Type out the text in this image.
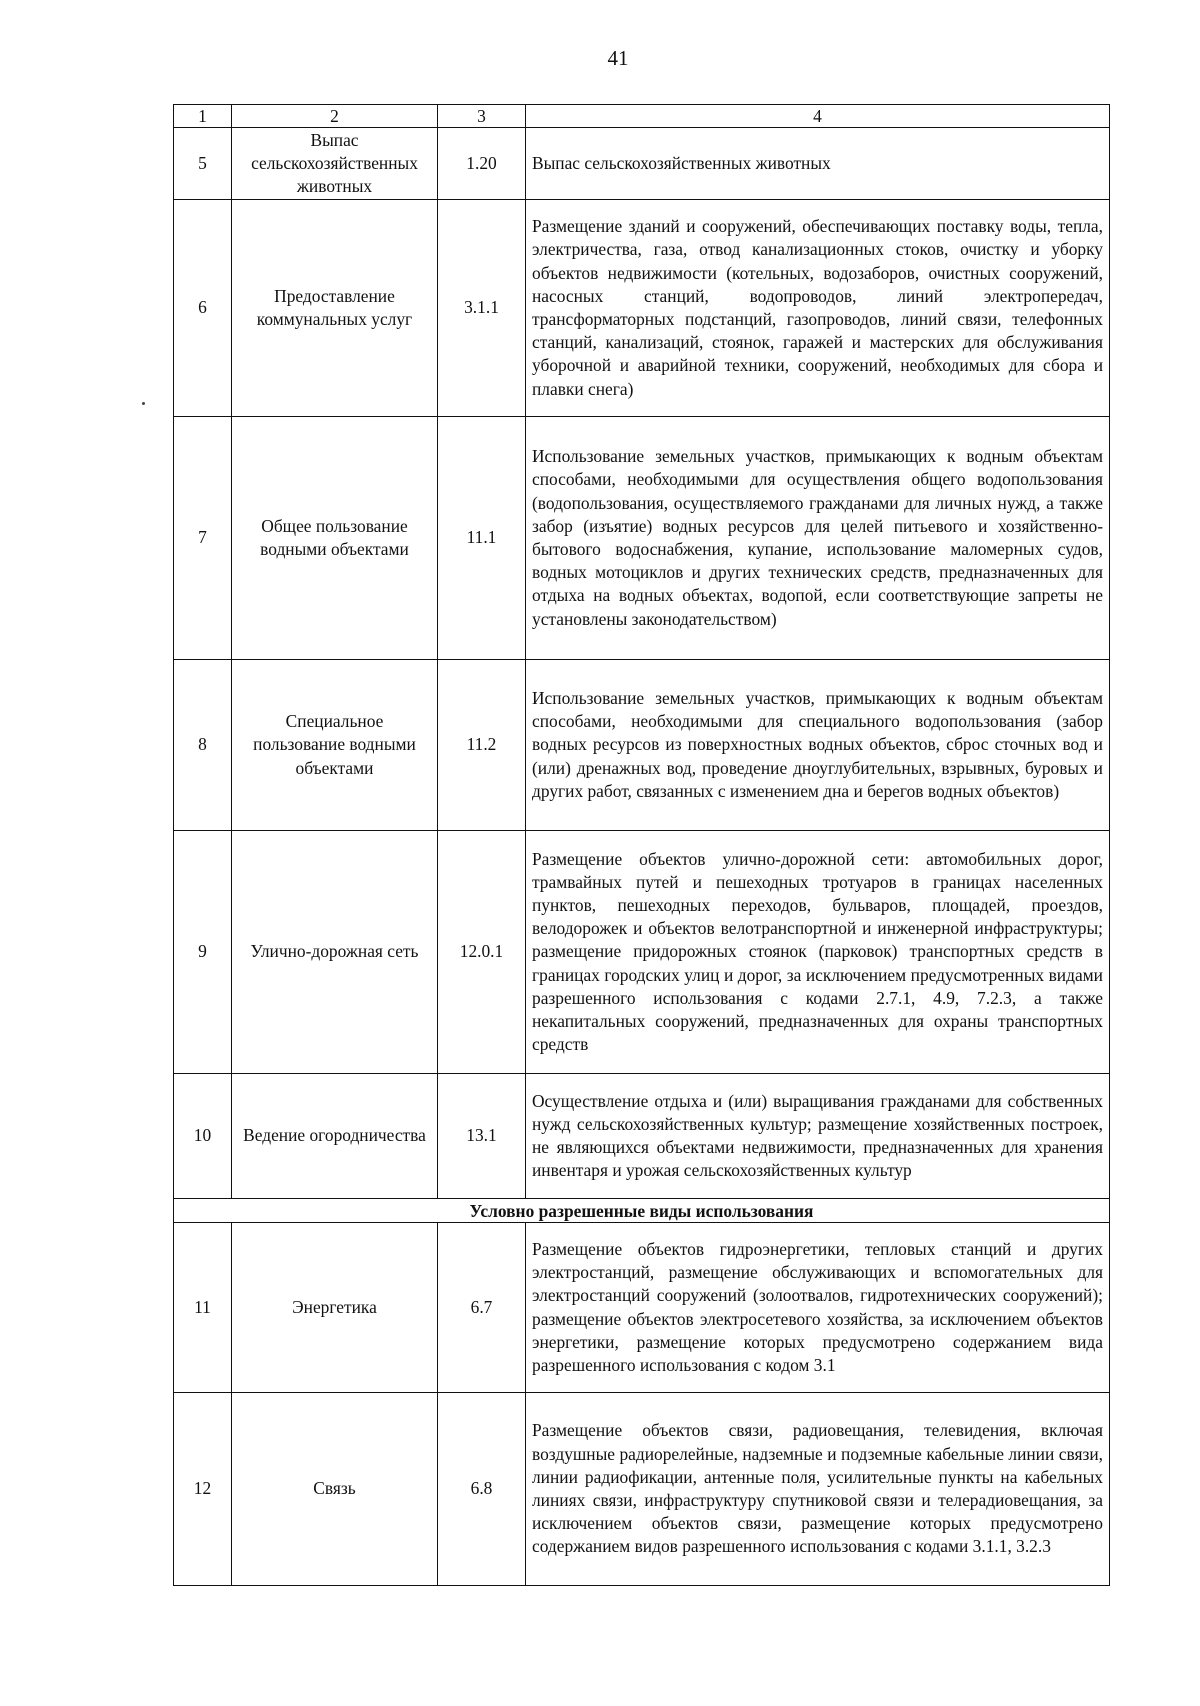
41
1	2	3	4
5	Выпас сельскохозяйственных животных	1.20	Выпас сельскохозяйственных животных
6	Предоставление коммунальных услуг	3.1.1	Размещение зданий и сооружений, обеспечивающих поставку воды, тепла, электричества, газа, отвод канализационных стоков, очистку и уборку объектов недвижимости (котельных, водозаборов, очистных сооружений, насосных станций, водопроводов, линий электропередач, трансформаторных подстанций, газопроводов, линий связи, телефонных станций, канализаций, стоянок, гаражей и мастерских для обслуживания уборочной и аварийной техники, сооружений, необходимых для сбора и плавки снега)
7	Общее пользование водными объектами	11.1	Использование земельных участков, примыкающих к водным объектам способами, необходимыми для осуществления общего водопользования (водопользования, осуществляемого гражданами для личных нужд, а также забор (изъятие) водных ресурсов для целей питьевого и хозяйственно-бытового водоснабжения, купание, использование маломерных судов, водных мотоциклов и других технических средств, предназначенных для отдыха на водных объектах, водопой, если соответствующие запреты не установлены законодательством)
8	Специальное пользование водными объектами	11.2	Использование земельных участков, примыкающих к водным объектам способами, необходимыми для специального водопользования (забор водных ресурсов из поверхностных водных объектов, сброс сточных вод и (или) дренажных вод, проведение дноуглубительных, взрывных, буровых и других работ, связанных с изменением дна и берегов водных объектов)
9	Улично-дорожная сеть	12.0.1	Размещение объектов улично-дорожной сети: автомобильных дорог, трамвайных путей и пешеходных тротуаров в границах населенных пунктов, пешеходных переходов, бульваров, площадей, проездов, велодорожек и объектов велотранспортной и инженерной инфраструктуры; размещение придорожных стоянок (парковок) транспортных средств в границах городских улиц и дорог, за исключением предусмотренных видами разрешенного использования с кодами 2.7.1, 4.9, 7.2.3, а также некапитальных сооружений, предназначенных для охраны транспортных средств
10	Ведение огородничества	13.1	Осуществление отдыха и (или) выращивания гражданами для собственных нужд сельскохозяйственных культур; размещение хозяйственных построек, не являющихся объектами недвижимости, предназначенных для хранения инвентаря и урожая сельскохозяйственных культур
Условно разрешенные виды использования			
11	Энергетика	6.7	Размещение объектов гидроэнергетики, тепловых станций и других электростанций, размещение обслуживающих и вспомогательных для электростанций сооружений (золоотвалов, гидротехнических сооружений); размещение объектов электросетевого хозяйства, за исключением объектов энергетики, размещение которых предусмотрено содержанием вида разрешенного использования с кодом 3.1
12	Связь	6.8	Размещение объектов связи, радиовещания, телевидения, включая воздушные радиорелейные, надземные и подземные кабельные линии связи, линии радиофикации, антенные поля, усилительные пункты на кабельных линиях связи, инфраструктуру спутниковой связи и телерадиовещания, за исключением объектов связи, размещение которых предусмотрено содержанием видов разрешенного использования с кодами 3.1.1, 3.2.3
